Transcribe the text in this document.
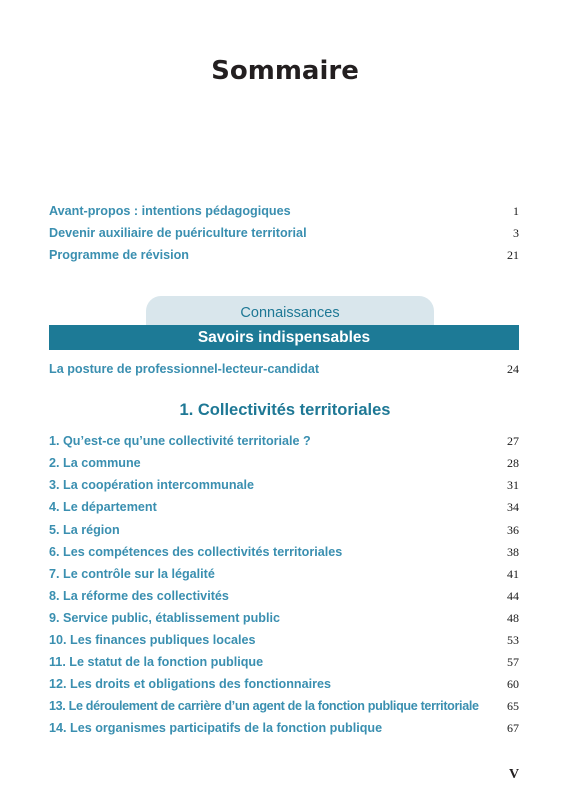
Sommaire
Avant-propos : intentions pédagogiques	1
Devenir auxiliaire de puériculture territorial	3
Programme de révision	21
Connaissances
Savoirs indispensables
La posture de professionnel-lecteur-candidat	24
1. Collectivités territoriales
1. Qu’est-ce qu’une collectivité territoriale ?	27
2. La commune	28
3. La coopération intercommunale	31
4. Le département	34
5. La région	36
6. Les compétences des collectivités territoriales	38
7. Le contrôle sur la légalité	41
8. La réforme des collectivités	44
9. Service public, établissement public	48
10. Les finances publiques locales	53
11. Le statut de la fonction publique	57
12. Les droits et obligations des fonctionnaires	60
13. Le déroulement de carrière d’un agent de la fonction publique territoriale 65
14. Les organismes participatifs de la fonction publique	67
V
